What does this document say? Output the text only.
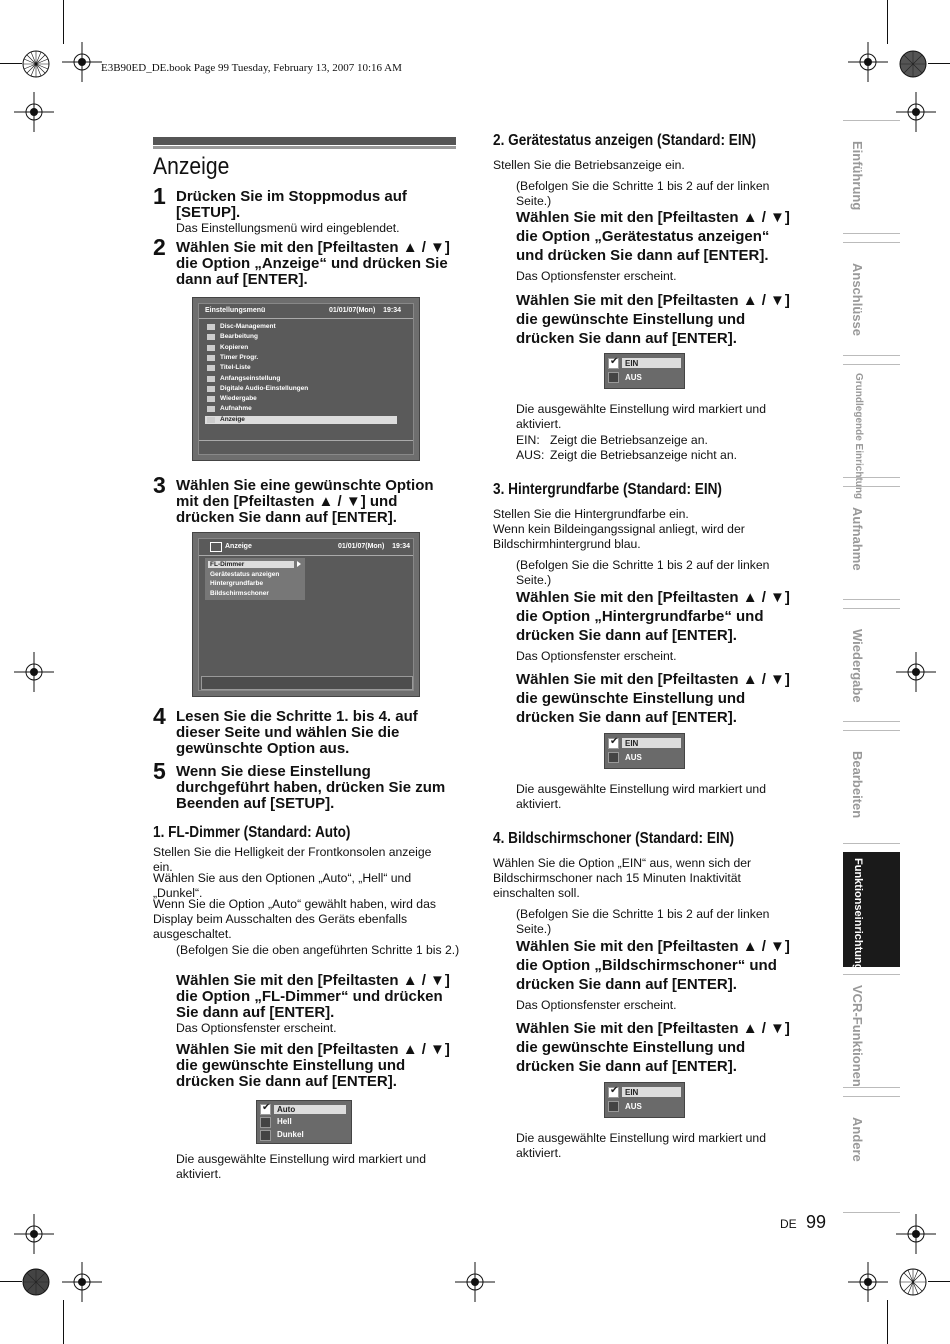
E3B90ED_DE.book Page 99 Tuesday, February 13, 2007 10:16 AM
Anzeige
1 Drücken Sie im Stoppmodus auf [SETUP].
Das Einstellungsmenü wird eingeblendet.
2 Wählen Sie mit den [Pfeiltasten ▲ / ▼] die Option „Anzeige“ und drücken Sie dann auf [ENTER].
Einstellungsmenü	01/01/07(Mon)    19:34
Disc-Management
Bearbeitung
Kopieren
Timer Progr.
Titel-Liste
Anfangseinstellung
Digitale Audio-Einstellungen
Wiedergabe
Aufnahme
Anzeige
3 Wählen Sie eine gewünschte Option mit den [Pfeiltasten ▲ / ▼] und drücken Sie dann auf [ENTER].
Anzeige	01/01/07(Mon)    19:34
FL-Dimmer
Gerätestatus anzeigen
Hintergrundfarbe
Bildschirmschoner
4 Lesen Sie die Schritte 1. bis 4. auf dieser Seite und wählen Sie die gewünschte Option aus.
5 Wenn Sie diese Einstellung durchgeführt haben, drücken Sie zum Beenden auf [SETUP].
1. FL-Dimmer (Standard: Auto)
Stellen Sie die Helligkeit der Frontkonsolen anzeige ein.
Wählen Sie aus den Optionen „Auto“, „Hell“ und „Dunkel“.
Wenn Sie die Option „Auto“ gewählt haben, wird das Display beim Ausschalten des Geräts ebenfalls ausgeschaltet.
(Befolgen Sie die oben angeführten Schritte 1 bis 2.)
Wählen Sie mit den [Pfeiltasten ▲ / ▼] die Option „FL-Dimmer“ und drücken Sie dann auf [ENTER].
Das Optionsfenster erscheint.
Wählen Sie mit den [Pfeiltasten ▲ / ▼] die gewünschte Einstellung und drücken Sie dann auf [ENTER].
✔ Auto
Hell
Dunkel
Die ausgewählte Einstellung wird markiert und aktiviert.
2. Gerätestatus anzeigen (Standard: EIN)
Stellen Sie die Betriebsanzeige ein.
(Befolgen Sie die Schritte 1 bis 2 auf der linken Seite.)
Wählen Sie mit den [Pfeiltasten ▲ / ▼] die Option „Gerätestatus anzeigen“ und drücken Sie dann auf [ENTER].
Das Optionsfenster erscheint.
Wählen Sie mit den [Pfeiltasten ▲ / ▼] die gewünschte Einstellung und drücken Sie dann auf [ENTER].
✔ EIN
AUS
Die ausgewählte Einstellung wird markiert und aktiviert.
EIN: Zeigt die Betriebsanzeige an.
AUS: Zeigt die Betriebsanzeige nicht an.
3. Hintergrundfarbe (Standard: EIN)
Stellen Sie die Hintergrundfarbe ein.
Wenn kein Bildeingangssignal anliegt, wird der Bildschirmhintergrund blau.
(Befolgen Sie die Schritte 1 bis 2 auf der linken Seite.)
Wählen Sie mit den [Pfeiltasten ▲ / ▼] die Option „Hintergrundfarbe“ und drücken Sie dann auf [ENTER].
Das Optionsfenster erscheint.
Wählen Sie mit den [Pfeiltasten ▲ / ▼] die gewünschte Einstellung und drücken Sie dann auf [ENTER].
✔ EIN
AUS
Die ausgewählte Einstellung wird markiert und aktiviert.
4. Bildschirmschoner (Standard: EIN)
Wählen Sie die Option „EIN“ aus, wenn sich der Bildschirmschoner nach 15 Minuten Inaktivität einschalten soll.
(Befolgen Sie die Schritte 1 bis 2 auf der linken Seite.)
Wählen Sie mit den [Pfeiltasten ▲ / ▼] die Option „Bildschirmschoner“ und drücken Sie dann auf [ENTER].
Das Optionsfenster erscheint.
Wählen Sie mit den [Pfeiltasten ▲ / ▼] die gewünschte Einstellung und drücken Sie dann auf [ENTER].
✔ EIN
AUS
Die ausgewählte Einstellung wird markiert und aktiviert.
Einführung
Anschlüsse
Grundlegende Einrichtung
Aufnahme
Wiedergabe
Bearbeiten
Funktionseinrichtung
VCR-Funktionen
Andere
DE 99
